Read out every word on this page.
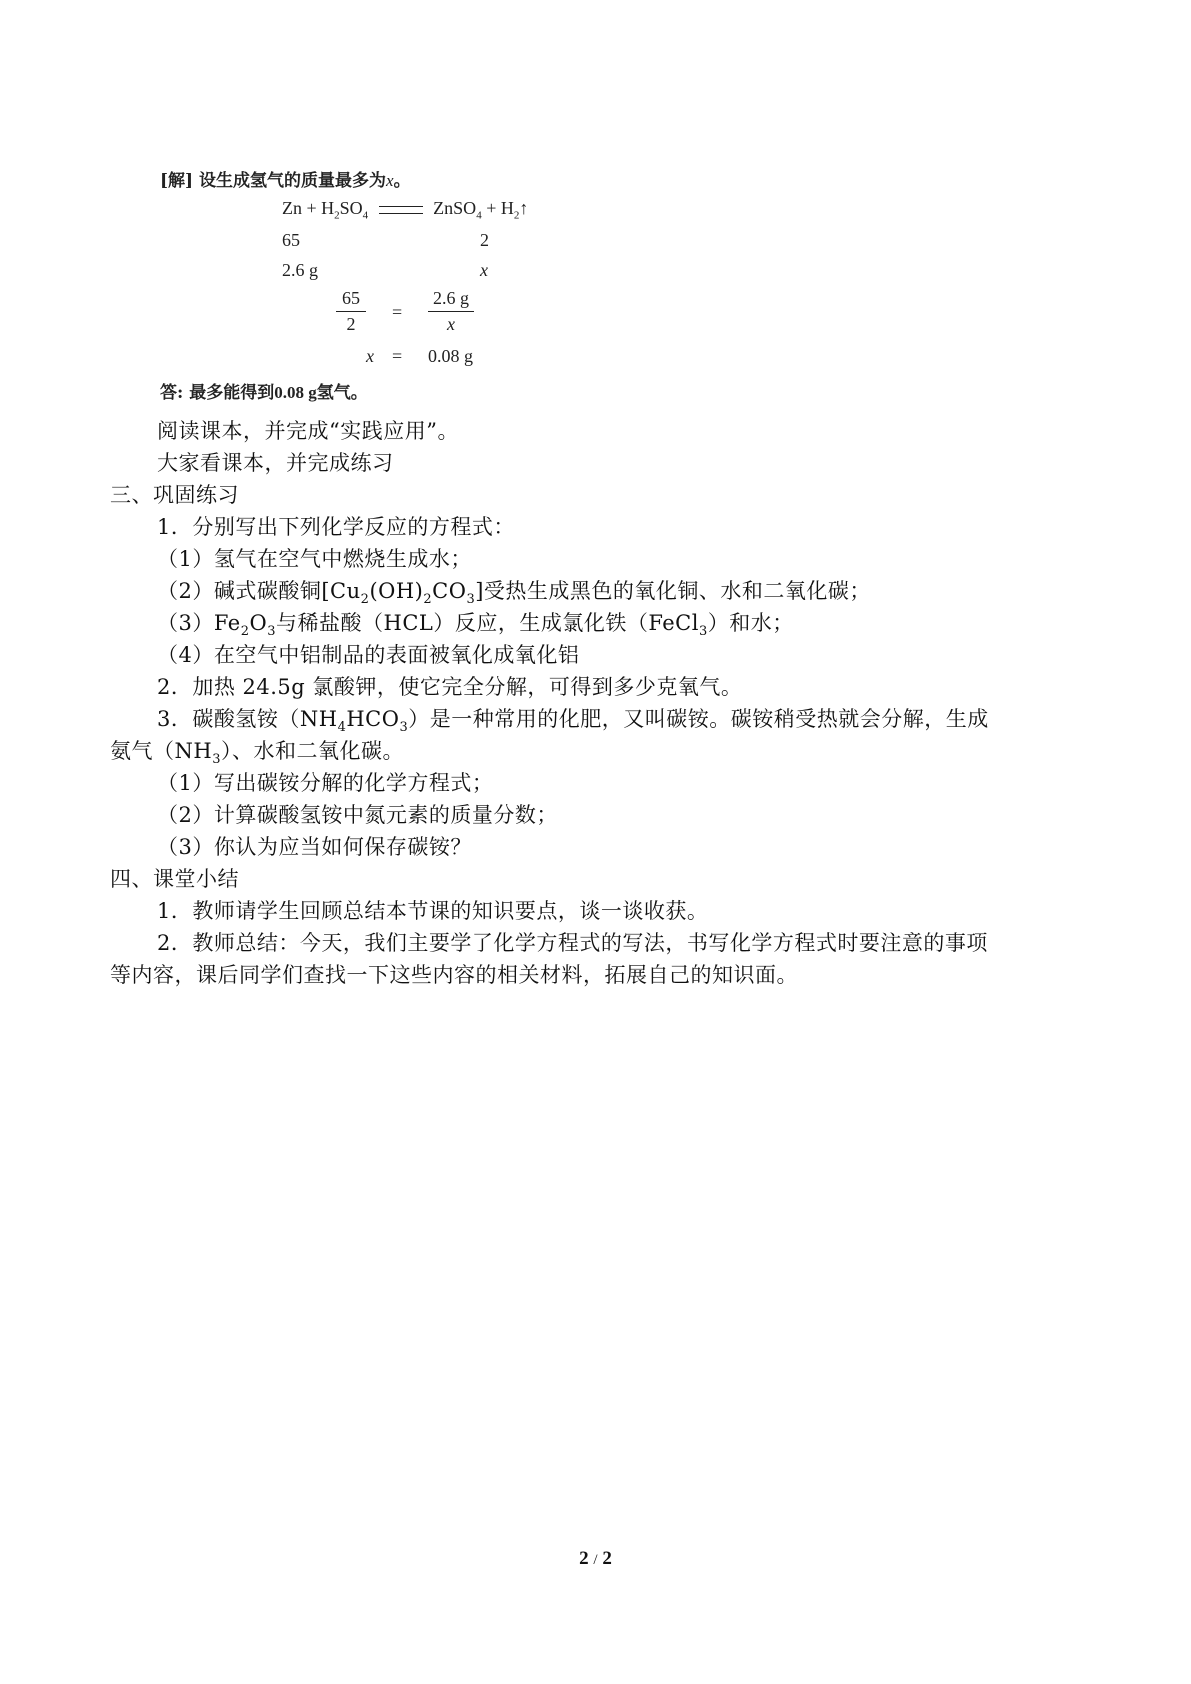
[解] 设生成氢气的质量最多为x。
$Zn + H_2SO_4$	ZnSO$_4$ + $H_2↑$
65	2
2.6 g	x
65
2
=
2.6 g
x
x = 0.08 g
答: 最多能得到0.08 g氢气。
阅读课本，并完成“实践应用”。
大家看课本，并完成练习
三、巩固练习
1．分别写出下列化学反应的方程式：
（1）氢气在空气中燃烧生成水；
（2）碱式碳酸铜$[Cu_2(OH)_2CO_3]$受热生成黑色的氧化铜、水和二氧化碳；
$(3)Fe_2O_3$与稀盐酸（HCL）反应，生成氯化铁（FeCl$_3$）和水；
（4）在空气中铝制品的表面被氧化成氧化铝
2．加热 24.5g 氯酸钾，使它完全分解，可得到多少克氧气。
3．碳酸氢铵$(NH_4HCO_3)$是一种常用的化肥，又叫碳铵。碳铵稍受热就会分解，生成
氨气$(NH_3)$、水和二氧化碳。
（1）写出碳铵分解的化学方程式；
（2）计算碳酸氢铵中氮元素的质量分数；
（3）你认为应当如何保存碳铵？
四、课堂小结
1．教师请学生回顾总结本节课的知识要点，谈一谈收获。
2．教师总结：今天，我们主要学了化学方程式的写法，书写化学方程式时要注意的事项
等内容，课后同学们查找一下这些内容的相关材料，拓展自己的知识面。
2 / 2
